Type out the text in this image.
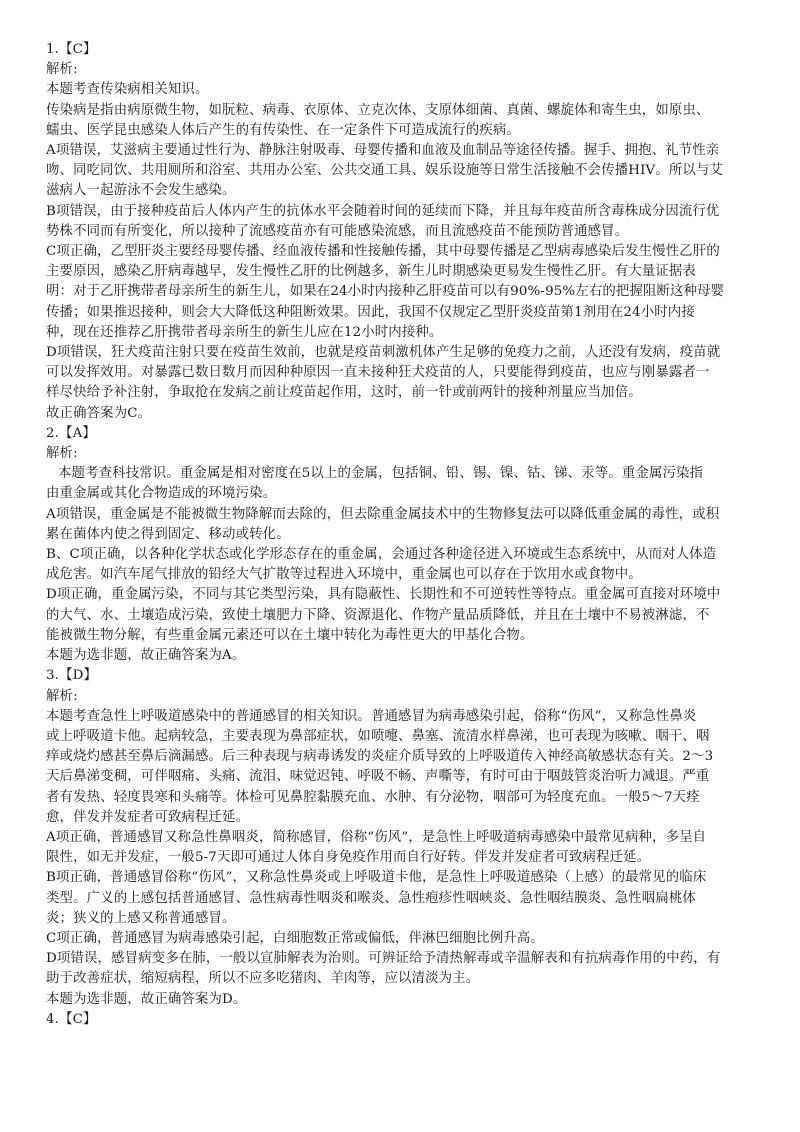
1.【C】
解析:
本题考查传染病相关知识。
传染病是指由病原微生物，如朊粒、病毒、衣原体、立克次体、支原体细菌、真菌、螺旋体和寄生虫，如原虫、
蠕虫、医学昆虫感染人体后产生的有传染性、在一定条件下可造成流行的疾病。
A项错误，艾滋病主要通过性行为、静脉注射吸毒、母婴传播和血液及血制品等途径传播。握手、拥抱、礼节性亲
吻、同吃同饮、共用厕所和浴室、共用办公室、公共交通工具、娱乐设施等日常生活接触不会传播HIV。所以与艾
滋病人一起游泳不会发生感染。
B项错误，由于接种疫苗后人体内产生的抗体水平会随着时间的延续而下降，并且每年疫苗所含毒株成分因流行优
势株不同而有所变化，所以接种了流感疫苗亦有可能感染流感，而且流感疫苗不能预防普通感冒。
C项正确，乙型肝炎主要经母婴传播、经血液传播和性接触传播，其中母婴传播是乙型病毒感染后发生慢性乙肝的
主要原因，感染乙肝病毒越早，发生慢性乙肝的比例越多，新生儿时期感染更易发生慢性乙肝。有大量证据表
明：对于乙肝携带者母亲所生的新生儿，如果在24小时内接种乙肝疫苗可以有90%-95%左右的把握阻断这种母婴
传播；如果推迟接种，则会大大降低这种阻断效果。因此，我国不仅规定乙型肝炎疫苗第1剂用在24小时内接
种，现在还推荐乙肝携带者母亲所生的新生儿应在12小时内接种。
D项错误，狂犬疫苗注射只要在疫苗生效前，也就是疫苗刺激机体产生足够的免疫力之前，人还没有发病，疫苗就
可以发挥效用。对暴露已数日数月而因种种原因一直未接种狂犬疫苗的人，只要能得到疫苗，也应与刚暴露者一
样尽快给予补注射，争取抢在发病之前让疫苗起作用，这时，前一针或前两针的接种剂量应当加倍。
故正确答案为C。
2.【A】
解析:
本题考查科技常识。重金属是相对密度在5以上的金属，包括铜、铅、锡、镍、钴、锑、汞等。重金属污染指
由重金属或其化合物造成的环境污染。
A项错误，重金属是不能被微生物降解而去除的，但去除重金属技术中的生物修复法可以降低重金属的毒性，或积
累在菌体内使之得到固定、移动或转化。
B、C项正确，以各种化学状态或化学形态存在的重金属，会通过各种途径进入环境或生态系统中，从而对人体造
成危害。如汽车尾气排放的铅经大气扩散等过程进入环境中，重金属也可以存在于饮用水或食物中。
D项正确，重金属污染，不同与其它类型污染，具有隐蔽性、长期性和不可逆转性等特点。重金属可直接对环境中
的大气、水、土壤造成污染，致使土壤肥力下降、资源退化、作物产量品质降低，并且在土壤中不易被淋滤，不
能被微生物分解，有些重金属元素还可以在土壤中转化为毒性更大的甲基化合物。
本题为选非题，故正确答案为A。
3.【D】
解析:
本题考查急性上呼吸道感染中的普通感冒的相关知识。普通感冒为病毒感染引起，俗称“伤风”，又称急性鼻炎
或上呼吸道卡他。起病较急，主要表现为鼻部症状，如喷嚏、鼻塞、流清水样鼻涕，也可表现为咳嗽、咽干、咽
痒或烧灼感甚至鼻后滴漏感。后三种表现与病毒诱发的炎症介质导致的上呼吸道传入神经高敏感状态有关。2～3
天后鼻涕变稠，可伴咽痛、头痛、流泪、味觉迟钝、呼吸不畅、声嘶等，有时可由于咽鼓管炎治听力减退。严重
者有发热、轻度畏寒和头痛等。体检可见鼻腔黏膜充血、水肿、有分泌物，咽部可为轻度充血。一般5～7天痊
愈，伴发并发症者可致病程迁延。
A项正确，普通感冒又称急性鼻咽炎，简称感冒，俗称“伤风”，是急性上呼吸道病毒感染中最常见病种，多呈自
限性，如无并发症，一般5-7天即可通过人体自身免疫作用而自行好转。伴发并发症者可致病程迁延。
B项正确，普通感冒俗称“伤风”，又称急性鼻炎或上呼吸道卡他，是急性上呼吸道感染（上感）的最常见的临床
类型。广义的上感包括普通感冒、急性病毒性咽炎和喉炎、急性疱疹性咽峡炎、急性咽结膜炎、急性咽扁桃体
炎；狭义的上感又称普通感冒。
C项正确，普通感冒为病毒感染引起，白细胞数正常或偏低，伴淋巴细胞比例升高。
D项错误，感冒病变多在肺，一般以宣肺解表为治则。可辨证给予清热解毒或辛温解表和有抗病毒作用的中药，有
助于改善症状，缩短病程，所以不应多吃猪肉、羊肉等，应以清淡为主。
本题为选非题，故正确答案为D。
4.【C】
